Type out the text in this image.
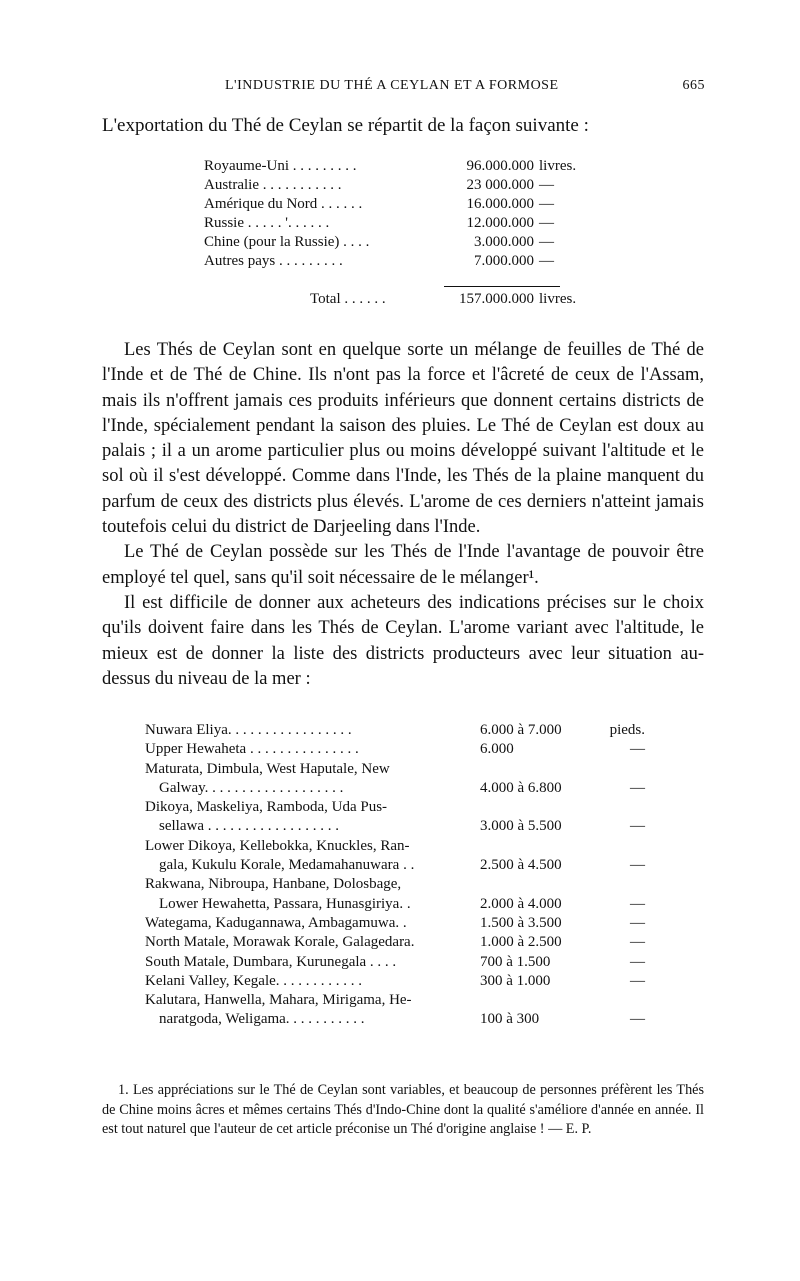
L'INDUSTRIE DU THÉ A CEYLAN ET A FORMOSE	665
L'exportation du Thé de Ceylan se répartit de la façon suivante :
Royaume-Uni . . . . . . . . .	96.000.000 livres.
Australie . . . . . . . . . . .	23 000.000 —
Amérique du Nord . . . . . .	16.000.000 —
Russie . . . . . '. . . . . .	12.000.000 —
Chine (pour la Russie) . . . .	3.000.000 —
Autres pays . . . . . . . . .	7.000.000 —
Total . . . . . .	157.000.000 livres.

Les Thés de Ceylan sont en quelque sorte un mélange de feuilles de Thé de l'Inde et de Thé de Chine. Ils n'ont pas la force et l'âcreté de ceux de l'Assam, mais ils n'offrent jamais ces produits inférieurs que donnent certains districts de l'Inde, spécialement pendant la saison des pluies. Le Thé de Ceylan est doux au palais ; il a un arome particulier plus ou moins développé suivant l'altitude et le sol où il s'est développé. Comme dans l'Inde, les Thés de la plaine manquent du parfum de ceux des districts plus élevés. L'arome de ces derniers n'atteint jamais toutefois celui du district de Darjeeling dans l'Inde.

Le Thé de Ceylan possède sur les Thés de l'Inde l'avantage de pouvoir être employé tel quel, sans qu'il soit nécessaire de le mélanger¹.

Il est difficile de donner aux acheteurs des indications précises sur le choix qu'ils doivent faire dans les Thés de Ceylan. L'arome variant avec l'altitude, le mieux est de donner la liste des districts producteurs avec leur situation au-dessus du niveau de la mer :

Nuwara Eliya. . . . . . . . . . . . . . . . .	6.000 à 7.000	pieds.
Upper Hewaheta . . . . . . . . . . . . . . .	6.000	—
Maturata, Dimbula, West Haputale, New
Galway. . . . . . . . . . . . . . . . . . .	4.000 à 6.800	—
Dikoya, Maskeliya, Ramboda, Uda Pus-
sellawa . . . . . . . . . . . . . . . . . .	3.000 à 5.500	—
Lower Dikoya, Kellebokka, Knuckles, Ran-
gala, Kukulu Korale, Medamahanuwara . .	2.500 à 4.500	—
Rakwana, Nibroupa, Hanbane, Dolosbage,
Lower Hewahetta, Passara, Hunasgiriya. .	2.000 à 4.000	—
Wategama, Kadugannawa, Ambagamuwa. .	1.500 à 3.500	—
North Matale, Morawak Korale, Galagedara.	1.000 à 2.500	—
South Matale, Dumbara, Kurunegala . . . .	700 à 1.500	—
Kelani Valley, Kegale. . . . . . . . . . . .	300 à 1.000	—
Kalutara, Hanwella, Mahara, Mirigama, He-
naratgoda, Weligama. . . . . . . . . . .	100 à 300	—

1. Les appréciations sur le Thé de Ceylan sont variables, et beaucoup de personnes préfèrent les Thés de Chine moins âcres et mêmes certains Thés d'Indo-Chine dont la qualité s'améliore d'année en année. Il est tout naturel que l'auteur de cet article préconise un Thé d'origine anglaise ! — E. P.
